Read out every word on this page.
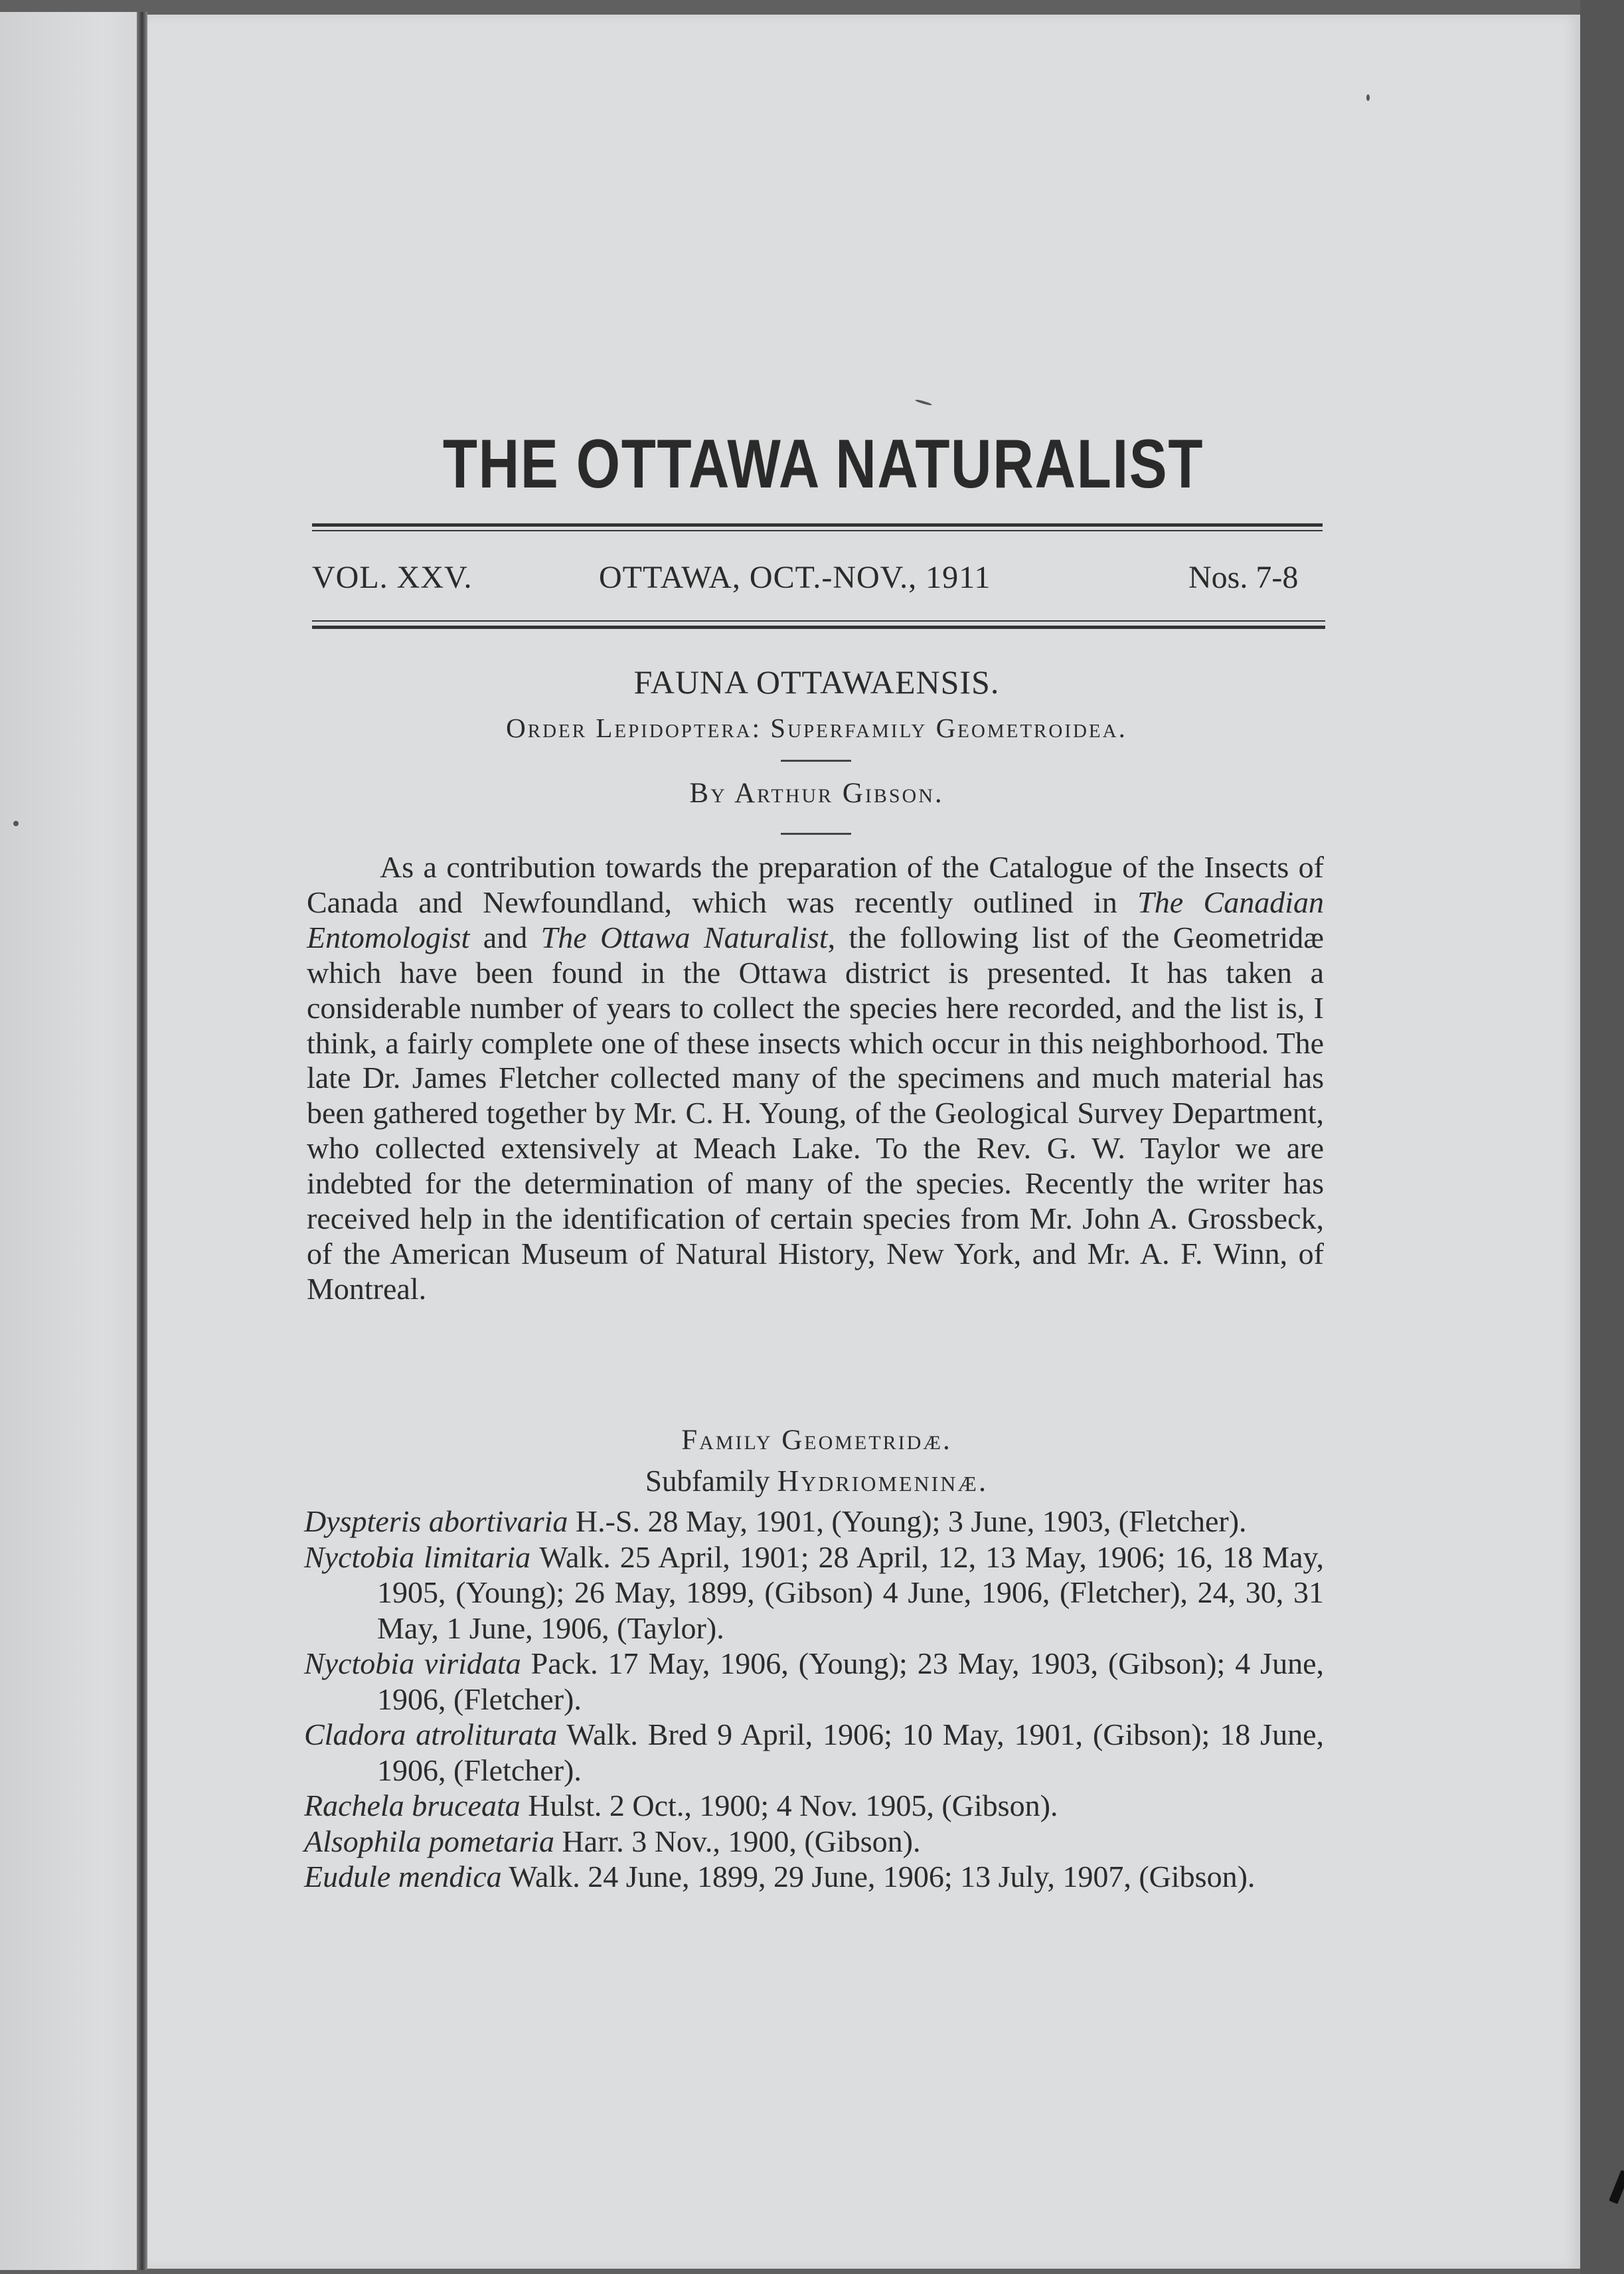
THE OTTAWA NATURALIST
VOL. XXV.	OTTAWA, OCT.-NOV., 1911	Nos. 7-8
FAUNA OTTAWAENSIS.
Order Lepidoptera: Superfamily Geometroidea.
By Arthur Gibson.

As a contribution towards the preparation of the Catalogue of the Insects of Canada and Newfoundland, which was recently outlined in The Canadian Entomologist and The Ottawa Naturalist, the following list of the Geometridæ which have been found in the Ottawa district is presented. It has taken a considerable number of years to collect the species here recorded, and the list is, I think, a fairly complete one of these insects which occur in this neighborhood. The late Dr. James Fletcher collected many of the specimens and much material has been gathered together by Mr. C. H. Young, of the Geological Survey Department, who collected extensively at Meach Lake. To the Rev. G. W. Taylor we are indebted for the determination of many of the species. Recently the writer has received help in the identification of certain species from Mr. John A. Grossbeck, of the American Museum of Natural History, New York, and Mr. A. F. Winn, of Montreal.

Family Geometridæ.
Subfamily Hydriomeninæ.
Dyspteris abortivaria H.-S. 28 May, 1901, (Young); 3 June, 1903, (Fletcher).
Nyctobia limitaria Walk. 25 April, 1901; 28 April, 12, 13 May, 1906; 16, 18 May, 1905, (Young); 26 May, 1899, (Gibson) 4 June, 1906, (Fletcher), 24, 30, 31 May, 1 June, 1906, (Taylor).
Nyctobia viridata Pack. 17 May, 1906, (Young); 23 May, 1903, (Gibson); 4 June, 1906, (Fletcher).
Cladora atroliturata Walk. Bred 9 April, 1906; 10 May, 1901, (Gibson); 18 June, 1906, (Fletcher).
Rachela bruceata Hulst. 2 Oct., 1900; 4 Nov. 1905, (Gibson).
Alsophila pometaria Harr. 3 Nov., 1900, (Gibson).
Eudule mendica Walk. 24 June, 1899, 29 June, 1906; 13 July, 1907, (Gibson).
